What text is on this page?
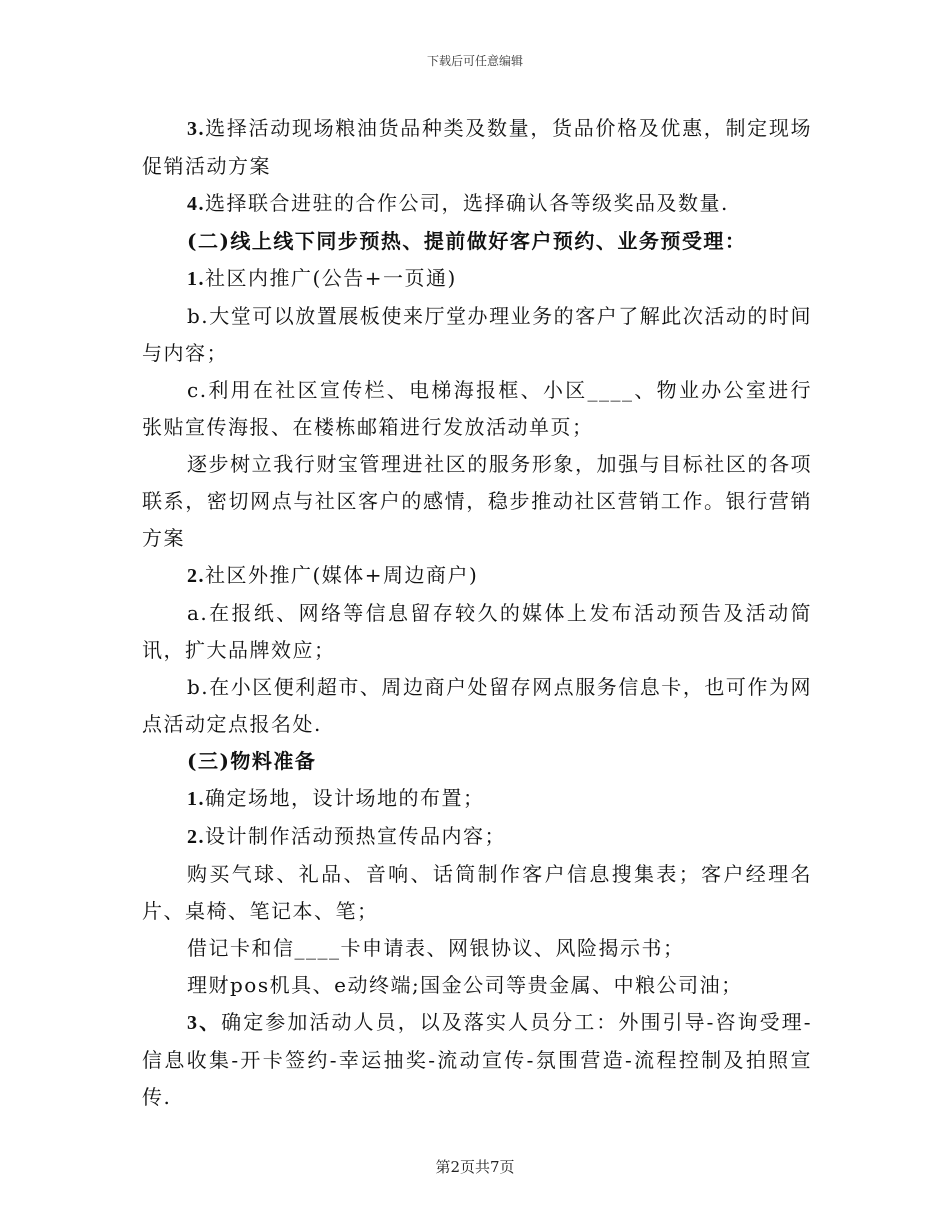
下载后可任意编辑

3.选择活动现场粮油货品种类及数量，货品价格及优惠，制定现场促销活动方案

4.选择联合进驻的合作公司，选择确认各等级奖品及数量.

(二)线上线下同步预热、提前做好客户预约、业务预受理：

1.社区内推广(公告+一页通)

b.大堂可以放置展板使来厅堂办理业务的客户了解此次活动的时间与内容；

c.利用在社区宣传栏、电梯海报框、小区____、物业办公室进行张贴宣传海报、在楼栋邮箱进行发放活动单页；

逐步树立我行财宝管理进社区的服务形象，加强与目标社区的各项联系，密切网点与社区客户的感情，稳步推动社区营销工作。银行营销方案

2.社区外推广(媒体+周边商户)

a.在报纸、网络等信息留存较久的媒体上发布活动预告及活动简讯，扩大品牌效应；

b.在小区便利超市、周边商户处留存网点服务信息卡，也可作为网点活动定点报名处.

(三)物料准备

1.确定场地，设计场地的布置；

2.设计制作活动预热宣传品内容；

购买气球、礼品、音响、话筒制作客户信息搜集表；客户经理名片、桌椅、笔记本、笔；

借记卡和信____卡申请表、网银协议、风险揭示书；

理财pos机具、e动终端;国金公司等贵金属、中粮公司油；

3、确定参加活动人员，以及落实人员分工：外围引导-咨询受理-信息收集-开卡签约-幸运抽奖-流动宣传-氛围营造-流程控制及拍照宣传.

第2页共7页
